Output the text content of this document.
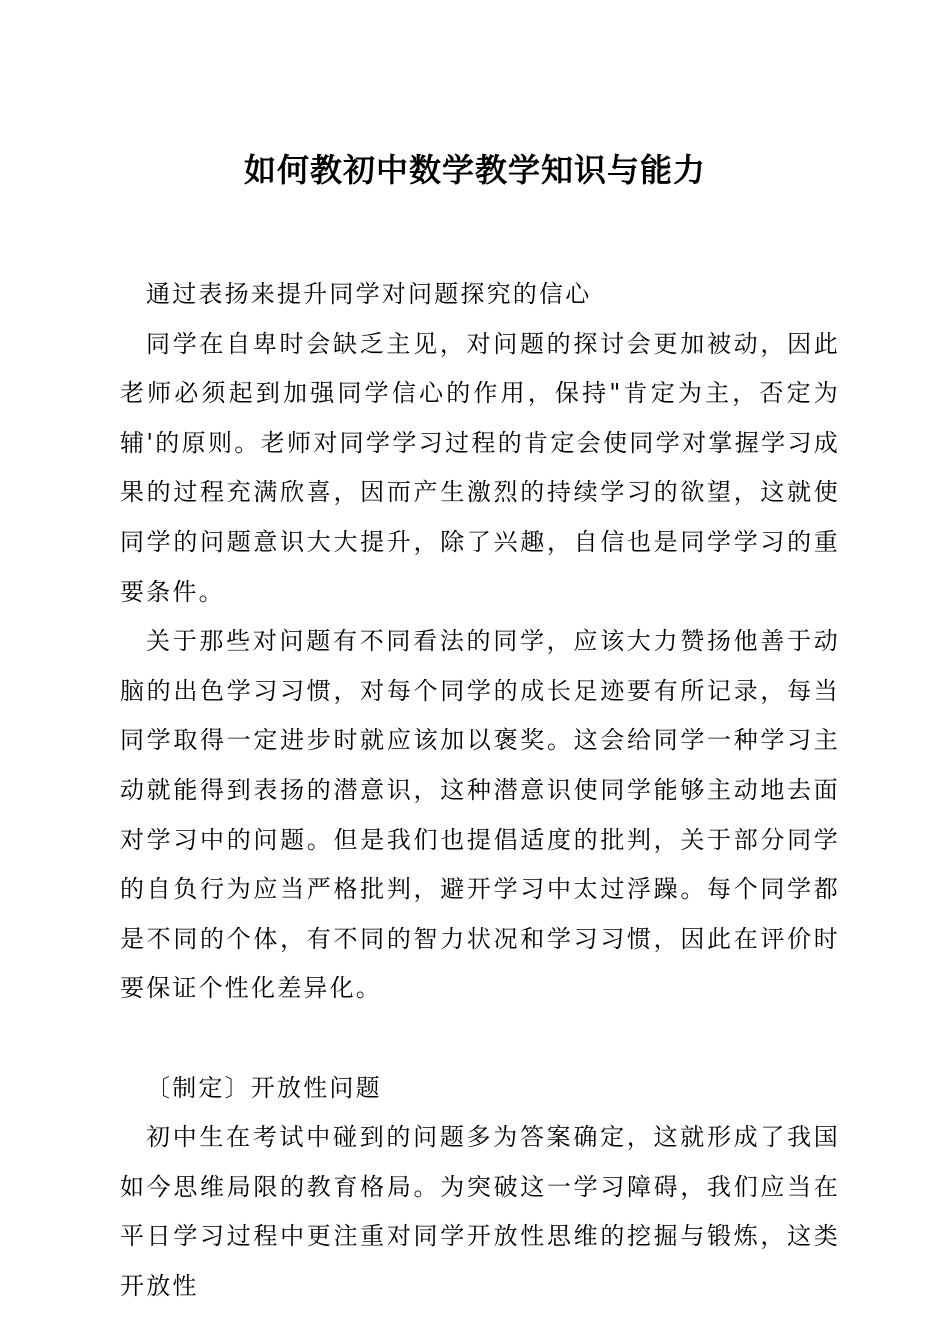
如何教初中数学教学知识与能力

通过表扬来提升同学对问题探究的信心

同学在自卑时会缺乏主见，对问题的探讨会更加被动，因此老师必须起到加强同学信心的作用，保持"肯定为主，否定为辅'的原则。老师对同学学习过程的肯定会使同学对掌握学习成果的过程充满欣喜，因而产生激烈的持续学习的欲望，这就使同学的问题意识大大提升，除了兴趣，自信也是同学学习的重要条件。

关于那些对问题有不同看法的同学，应该大力赞扬他善于动脑的出色学习习惯，对每个同学的成长足迹要有所记录，每当同学取得一定进步时就应该加以褒奖。这会给同学一种学习主动就能得到表扬的潜意识，这种潜意识使同学能够主动地去面对学习中的问题。但是我们也提倡适度的批判，关于部分同学的自负行为应当严格批判，避开学习中太过浮躁。每个同学都是不同的个体，有不同的智力状况和学习习惯，因此在评价时要保证个性化差异化。

〔制定〕开放性问题

初中生在考试中碰到的问题多为答案确定，这就形成了我国如今思维局限的教育格局。为突破这一学习障碍，我们应当在平日学习过程中更注重对同学开放性思维的挖掘与锻炼，这类开放性
